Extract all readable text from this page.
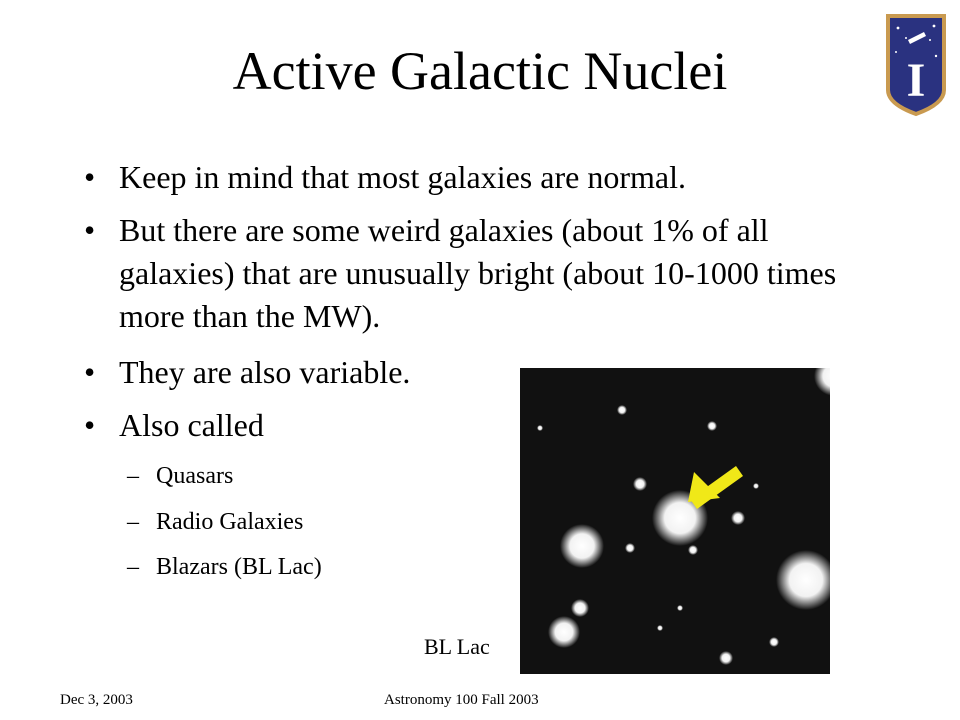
Active Galactic Nuclei	I
• Keep in mind that most galaxies are normal.
• But there are some weird galaxies (about 1% of all galaxies) that are unusually bright (about 10-1000 times more than the MW).
• They are also variable.
• Also called
– Quasars
– Radio Galaxies
– Blazars (BL Lac)
BL Lac
Dec 3, 2003	Astronomy 100 Fall 2003
